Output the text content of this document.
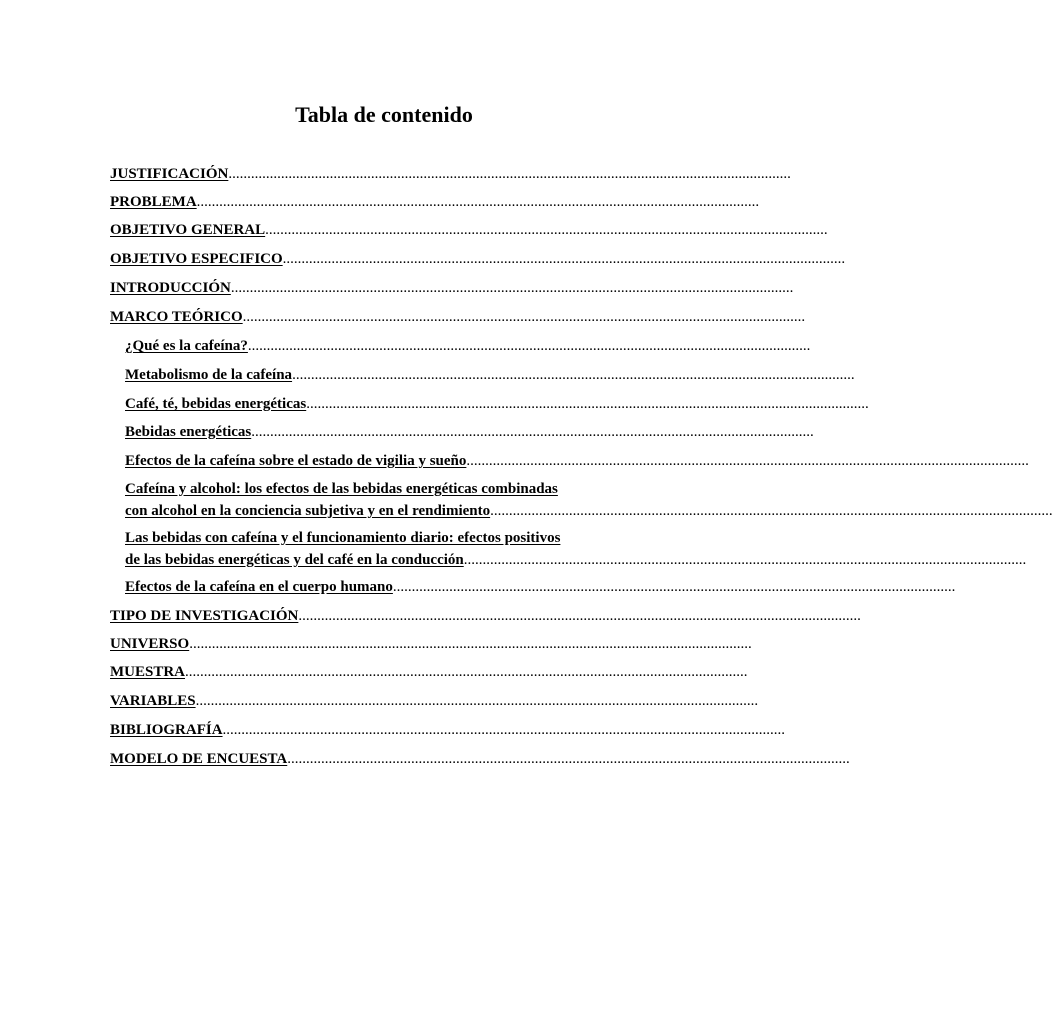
Tabla de contenido
JUSTIFICACIÓN......................................................................................................................................................
PROBLEMA......................................................................................................................................................
OBJETIVO GENERAL......................................................................................................................................................
OBJETIVO ESPECIFICO......................................................................................................................................................
INTRODUCCIÓN......................................................................................................................................................
MARCO TEÓRICO......................................................................................................................................................
¿Qué es la cafeína?......................................................................................................................................................
Metabolismo de la cafeína......................................................................................................................................................
Café, té, bebidas energéticas......................................................................................................................................................
Bebidas energéticas......................................................................................................................................................
Efectos de la cafeína sobre el estado de vigilia y sueño......................................................................................................................................................
Cafeína y alcohol: los efectos de las bebidas energéticas combinadas
con alcohol en la conciencia subjetiva y en el rendimiento......................................................................................................................................................
Las bebidas con cafeína y el funcionamiento diario: efectos positivos
de las bebidas energéticas y del café en la conducción......................................................................................................................................................
Efectos de la cafeína en el cuerpo humano......................................................................................................................................................
TIPO DE INVESTIGACIÓN......................................................................................................................................................
UNIVERSO......................................................................................................................................................
MUESTRA......................................................................................................................................................
VARIABLES......................................................................................................................................................
BIBLIOGRAFÍA......................................................................................................................................................
MODELO DE ENCUESTA......................................................................................................................................................
